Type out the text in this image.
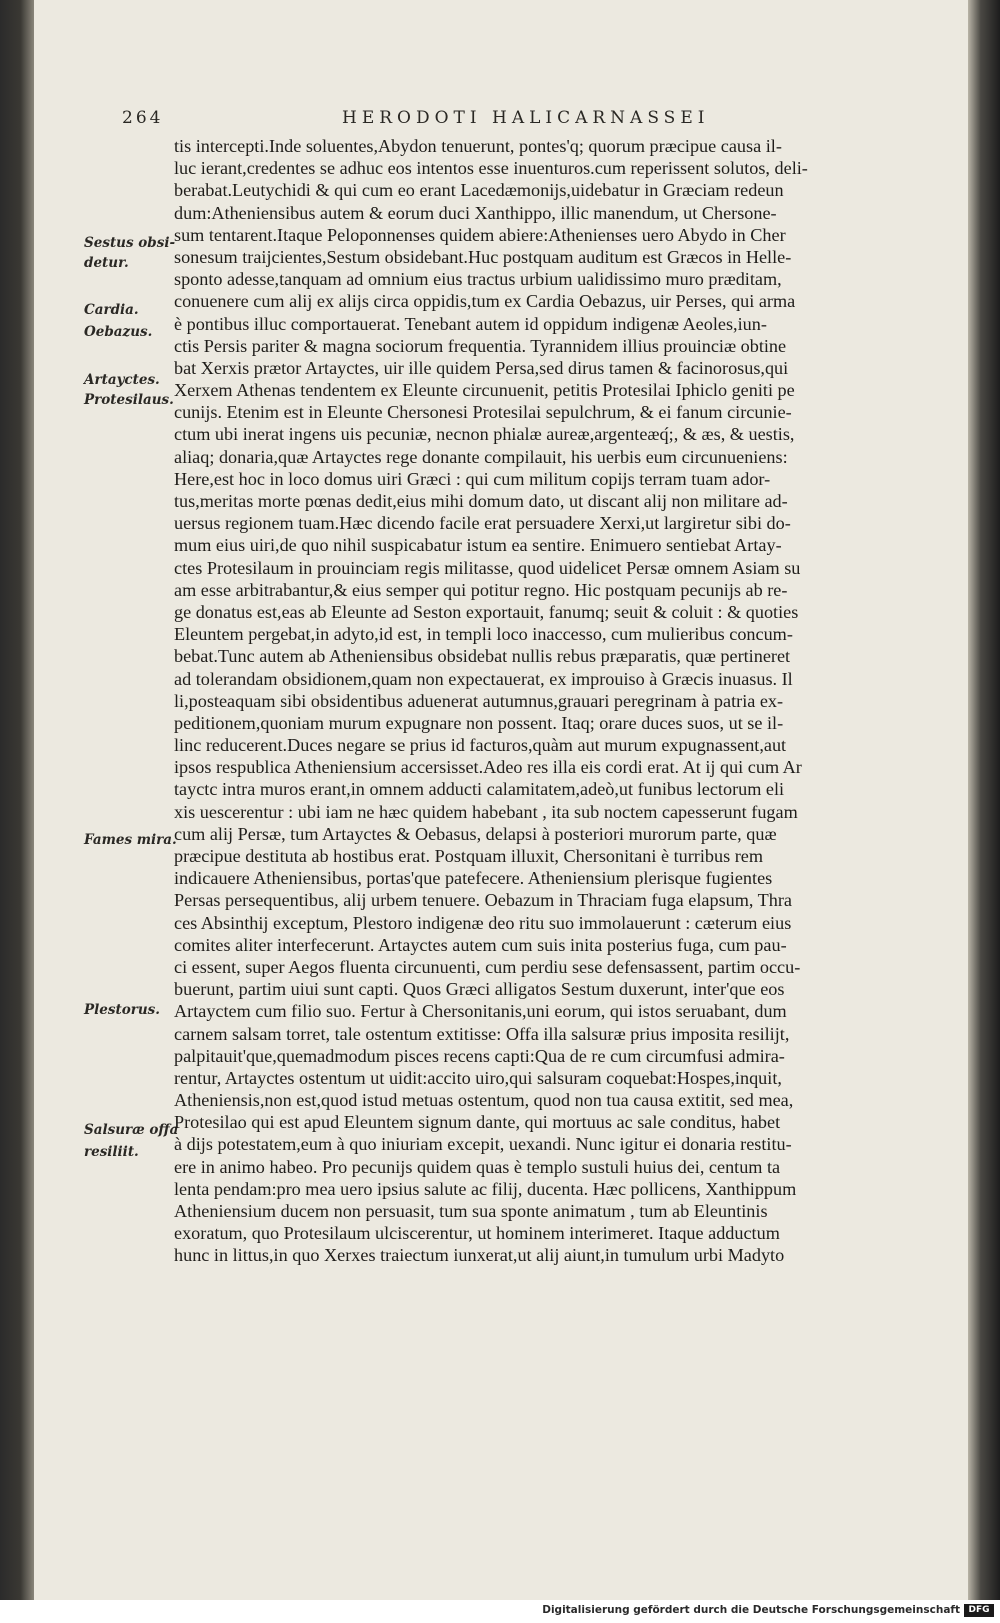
264	HERODOTI HALICARNASSEI
Sestus obsi-
detur.
Cardia.
Oebazus.
Artayctes.
Protesilaus.
Fames mira.
Plestorus.
Salsuræ offa
resiliit.
tis intercepti.Inde soluentes,Abydon tenuerunt, pontes'q; quorum præcipue causa il-
luc ierant,credentes se adhuc eos intentos esse inuenturos.cum reperissent solutos, deli-
berabat.Leutychidi & qui cum eo erant Lacedæmonijs,uidebatur in Græciam redeun
dum:Atheniensibus autem & eorum duci Xanthippo, illic manendum, ut Chersone-
sum tentarent.Itaque Peloponnenses quidem abiere:Athenienses uero Abydo in Cher
sonesum traijcientes,Sestum obsidebant.Huc postquam auditum est Græcos in Helle-
sponto adesse,tanquam ad omnium eius tractus urbium ualidissimo muro præditam,
conuenere cum alij ex alijs circa oppidis,tum ex Cardia Oebazus, uir Perses, qui arma
è pontibus illuc comportauerat. Tenebant autem id oppidum indigenæ Aeoles,iun-
ctis Persis pariter & magna sociorum frequentia. Tyrannidem illius prouinciæ obtine
bat Xerxis prætor Artayctes, uir ille quidem Persa,sed dirus tamen & facinorosus,qui
Xerxem Athenas tendentem ex Eleunte circunuenit, petitis Protesilai Iphiclo geniti pe
cunijs. Etenim est in Eleunte Chersonesi Protesilai sepulchrum, & ei fanum circunie-
ctum ubi inerat ingens uis pecuniæ, necnon phialæ aureæ,argenteæq́;, & æs, & uestis,
aliaq; donaria,quæ Artayctes rege donante compilauit, his uerbis eum circunueniens:
Here,est hoc in loco domus uiri Græci : qui cum militum copijs terram tuam ador-
tus,meritas morte pœnas dedit,eius mihi domum dato, ut discant alij non militare ad-
uersus regionem tuam.Hæc dicendo facile erat persuadere Xerxi,ut largiretur sibi do-
mum eius uiri,de quo nihil suspicabatur istum ea sentire. Enimuero sentiebat Artay-
ctes Protesilaum in prouinciam regis militasse, quod uidelicet Persæ omnem Asiam su
am esse arbitrabantur,& eius semper qui potitur regno. Hic postquam pecunijs ab re-
ge donatus est,eas ab Eleunte ad Seston exportauit, fanumq; seuit & coluit : & quoties
Eleuntem pergebat,in adyto,id est, in templi loco inaccesso, cum mulieribus concum-
bebat.Tunc autem ab Atheniensibus obsidebat nullis rebus præparatis, quæ pertineret
ad tolerandam obsidionem,quam non expectauerat, ex improuiso à Græcis inuasus. Il
li,posteaquam sibi obsidentibus aduenerat autumnus,grauari peregrinam à patria ex-
peditionem,quoniam murum expugnare non possent. Itaq; orare duces suos, ut se il-
linc reducerent.Duces negare se prius id facturos,quàm aut murum expugnassent,aut
ipsos respublica Atheniensium accersisset.Adeo res illa eis cordi erat. At ij qui cum Ar
tayctc intra muros erant,in omnem adducti calamitatem,adeò,ut funibus lectorum eli
xis uescerentur : ubi iam ne hæc quidem habebant , ita sub noctem capesserunt fugam
cum alij Persæ, tum Artayctes & Oebasus, delapsi à posteriori murorum parte, quæ
præcipue destituta ab hostibus erat. Postquam illuxit, Chersonitani è turribus rem
indicauere Atheniensibus, portas'que patefecere. Atheniensium plerisque fugientes
Persas persequentibus, alij urbem tenuere. Oebazum in Thraciam fuga elapsum, Thra
ces Absinthij exceptum, Plestoro indigenæ deo ritu suo immolauerunt : cæterum eius
comites aliter interfecerunt. Artayctes autem cum suis inita posterius fuga, cum pau-
ci essent, super Aegos fluenta circunuenti, cum perdiu sese defensassent, partim occu-
buerunt, partim uiui sunt capti. Quos Græci alligatos Sestum duxerunt, inter'que eos
Artayctem cum filio suo. Fertur à Chersonitanis,uni eorum, qui istos seruabant, dum
carnem salsam torret, tale ostentum extitisse: Offa illa salsuræ prius imposita resilijt,
palpitauit'que,quemadmodum pisces recens capti:Qua de re cum circumfusi admira-
rentur, Artayctes ostentum ut uidit:accito uiro,qui salsuram coquebat:Hospes,inquit,
Atheniensis,non est,quod istud metuas ostentum, quod non tua causa extitit, sed mea,
Protesilao qui est apud Eleuntem signum dante, qui mortuus ac sale conditus, habet
à dijs potestatem,eum à quo iniuriam excepit, uexandi. Nunc igitur ei donaria restitu-
ere in animo habeo. Pro pecunijs quidem quas è templo sustuli huius dei, centum ta
lenta pendam:pro mea uero ipsius salute ac filij, ducenta. Hæc pollicens, Xanthippum
Atheniensium ducem non persuasit, tum sua sponte animatum , tum ab Eleuntinis
exoratum, quo Protesilaum ulciscerentur, ut hominem interimeret. Itaque adductum
hunc in littus,in quo Xerxes traiectum iunxerat,ut alij aiunt,in tumulum urbi Madyto
Digitalisierung gefördert durch die Deutsche Forschungsgemeinschaft DFG
